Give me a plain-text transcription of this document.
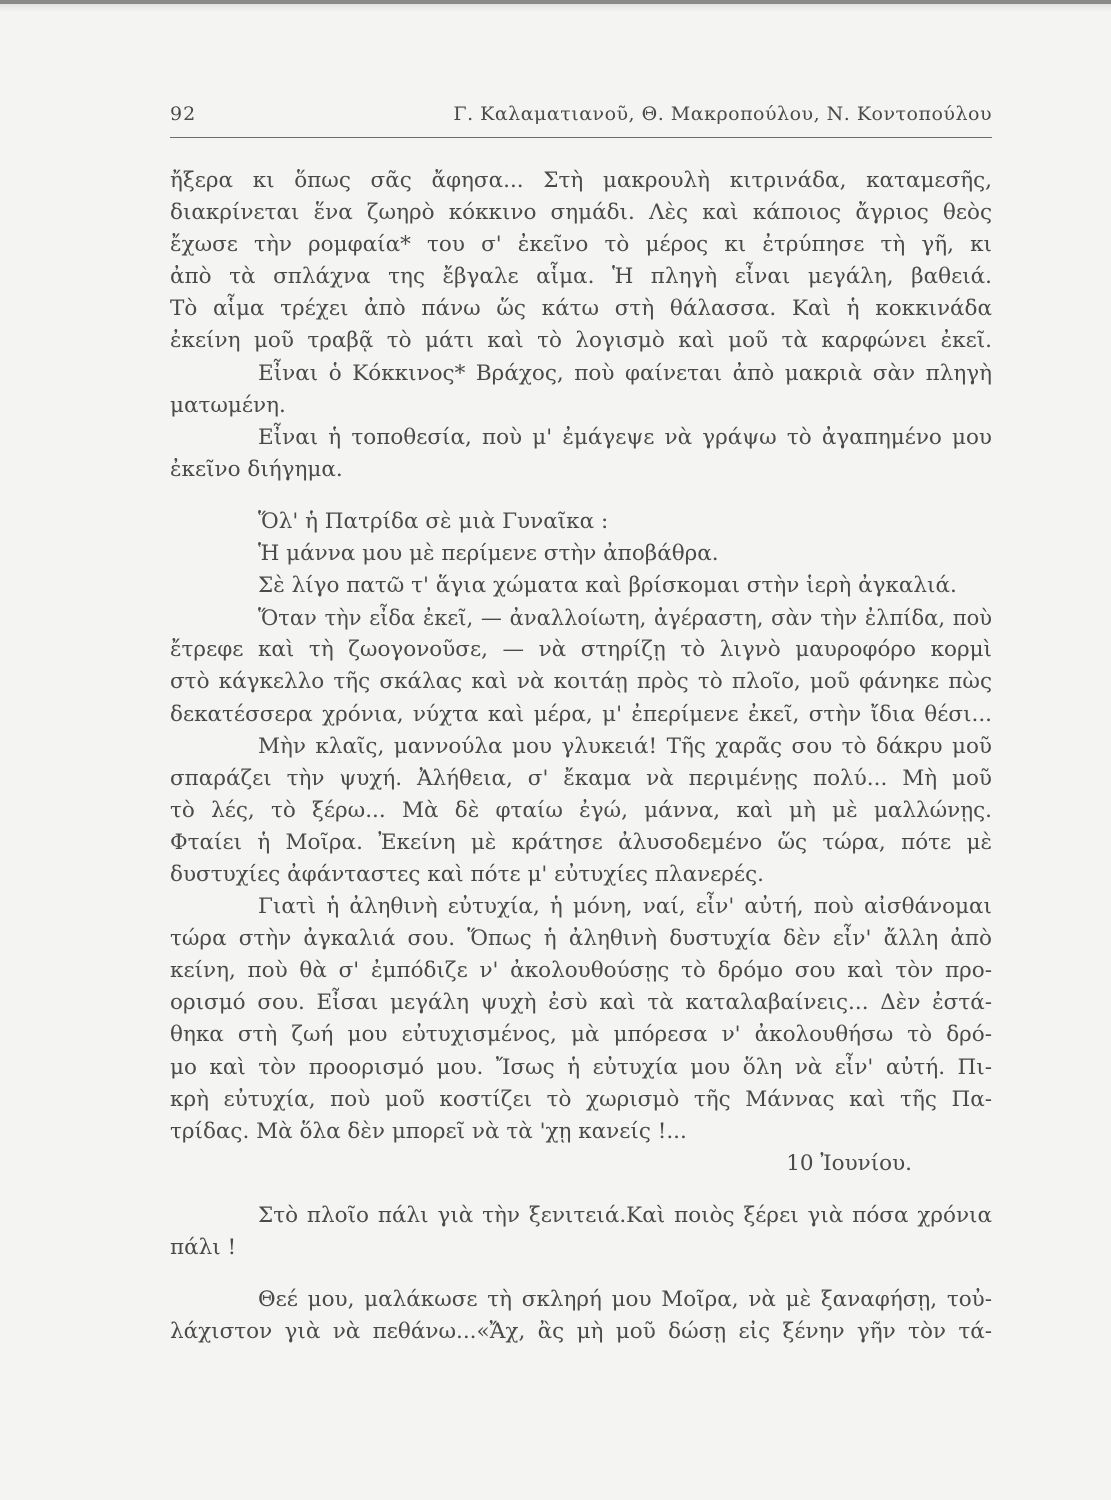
92	Γ. Καλαματιανοῦ, Θ. Μακροπούλου, Ν. Κοντοπούλου
ἤξερα κι ὅπως σᾶς ἄφησα... Στὴ μακρουλὴ κιτρινάδα, καταμεσῆς,
διακρίνεται ἕνα ζωηρὸ κόκκινο σημάδι. Λὲς καὶ κάποιος ἄγριος θεὸς
ἔχωσε τὴν ρομφαία* του σ' ἐκεῖνο τὸ μέρος κι ἐτρύπησε τὴ γῆ, κι
ἀπὸ τὰ σπλάχνα της ἔβγαλε αἷμα. Ἡ πληγὴ εἶναι μεγάλη, βαθειά.
Τὸ αἷμα τρέχει ἀπὸ πάνω ὥς κάτω στὴ θάλασσα. Καὶ ἡ κοκκινάδα
ἐκείνη μοῦ τραβᾷ τὸ μάτι καὶ τὸ λογισμὸ καὶ μοῦ τὰ καρφώνει ἐκεῖ.
Εἶναι ὁ Κόκκινος* Βράχος, ποὺ φαίνεται ἀπὸ μακριὰ σὰν πληγὴ
ματωμένη.
Εἶναι ἡ τοποθεσία, ποὺ μ' ἐμάγεψε νὰ γράψω τὸ ἀγαπημένο μου
ἐκεῖνο διήγημα.
Ὅλ' ἡ Πατρίδα σὲ μιὰ Γυναῖκα :
Ἡ μάννα μου μὲ περίμενε στὴν ἀποβάθρα.
Σὲ λίγο πατῶ τ' ἅγια χώματα καὶ βρίσκομαι στὴν ἱερὴ ἀγκαλιά.
Ὅταν τὴν εἶδα ἐκεῖ, — ἀναλλοίωτη, ἀγέραστη, σὰν τὴν ἐλπίδα, ποὺ
ἔτρεφε καὶ τὴ ζωογονοῦσε, — νὰ στηρίζῃ τὸ λιγνὸ μαυροφόρο κορμὶ
στὸ κάγκελλο τῆς σκάλας καὶ νὰ κοιτάῃ πρὸς τὸ πλοῖο, μοῦ φάνηκε πὼς
δεκατέσσερα χρόνια, νύχτα καὶ μέρα, μ' ἐπερίμενε ἐκεῖ, στὴν ἴδια θέσι...
Μὴν κλαῖς, μαννούλα μου γλυκειά! Τῆς χαρᾶς σου τὸ δάκρυ μοῦ
σπαράζει τὴν ψυχή. Ἀλήθεια, σ' ἔκαμα νὰ περιμένῃς πολύ... Μὴ μοῦ
τὸ λές, τὸ ξέρω... Μὰ δὲ φταίω ἐγώ, μάννα, καὶ μὴ μὲ μαλλώνῃς.
Φταίει ἡ Μοῖρα. Ἐκείνη μὲ κράτησε ἀλυσοδεμένο ὥς τώρα, πότε μὲ
δυστυχίες ἀφάνταστες καὶ πότε μ' εὐτυχίες πλανερές.
Γιατὶ ἡ ἀληθινὴ εὐτυχία, ἡ μόνη, ναί, εἶν' αὐτή, ποὺ αἰσθάνομαι
τώρα στὴν ἀγκαλιά σου. Ὅπως ἡ ἀληθινὴ δυστυχία δὲν εἶν' ἄλλη ἀπὸ
κείνη, ποὺ θὰ σ' ἐμπόδιζε ν' ἀκολουθούσῃς τὸ δρόμο σου καὶ τὸν προ-
ορισμό σου. Εἶσαι μεγάλη ψυχὴ ἐσὺ καὶ τὰ καταλαβαίνεις... Δὲν ἐστά-
θηκα στὴ ζωή μου εὐτυχισμένος, μὰ μπόρεσα ν' ἀκολουθήσω τὸ δρό-
μο καὶ τὸν προορισμό μου. Ἴσως ἡ εὐτυχία μου ὅλη νὰ εἶν' αὐτή. Πι-
κρὴ εὐτυχία, ποὺ μοῦ κοστίζει τὸ χωρισμὸ τῆς Μάννας καὶ τῆς Πα-
τρίδας. Μὰ ὅλα δὲν μπορεῖ νὰ τὰ 'χῃ κανείς !...
10 Ἰουνίου.
Στὸ πλοῖο πάλι γιὰ τὴν ξενιτειά.Καὶ ποιὸς ξέρει γιὰ πόσα χρόνια
πάλι !
Θεέ μου, μαλάκωσε τὴ σκληρή μου Μοῖρα, νὰ μὲ ξαναφήσῃ, τοὐ-
λάχιστον γιὰ νὰ πεθάνω...«Ἄχ, ἂς μὴ μοῦ δώσῃ εἰς ξένην γῆν τὸν τά-
